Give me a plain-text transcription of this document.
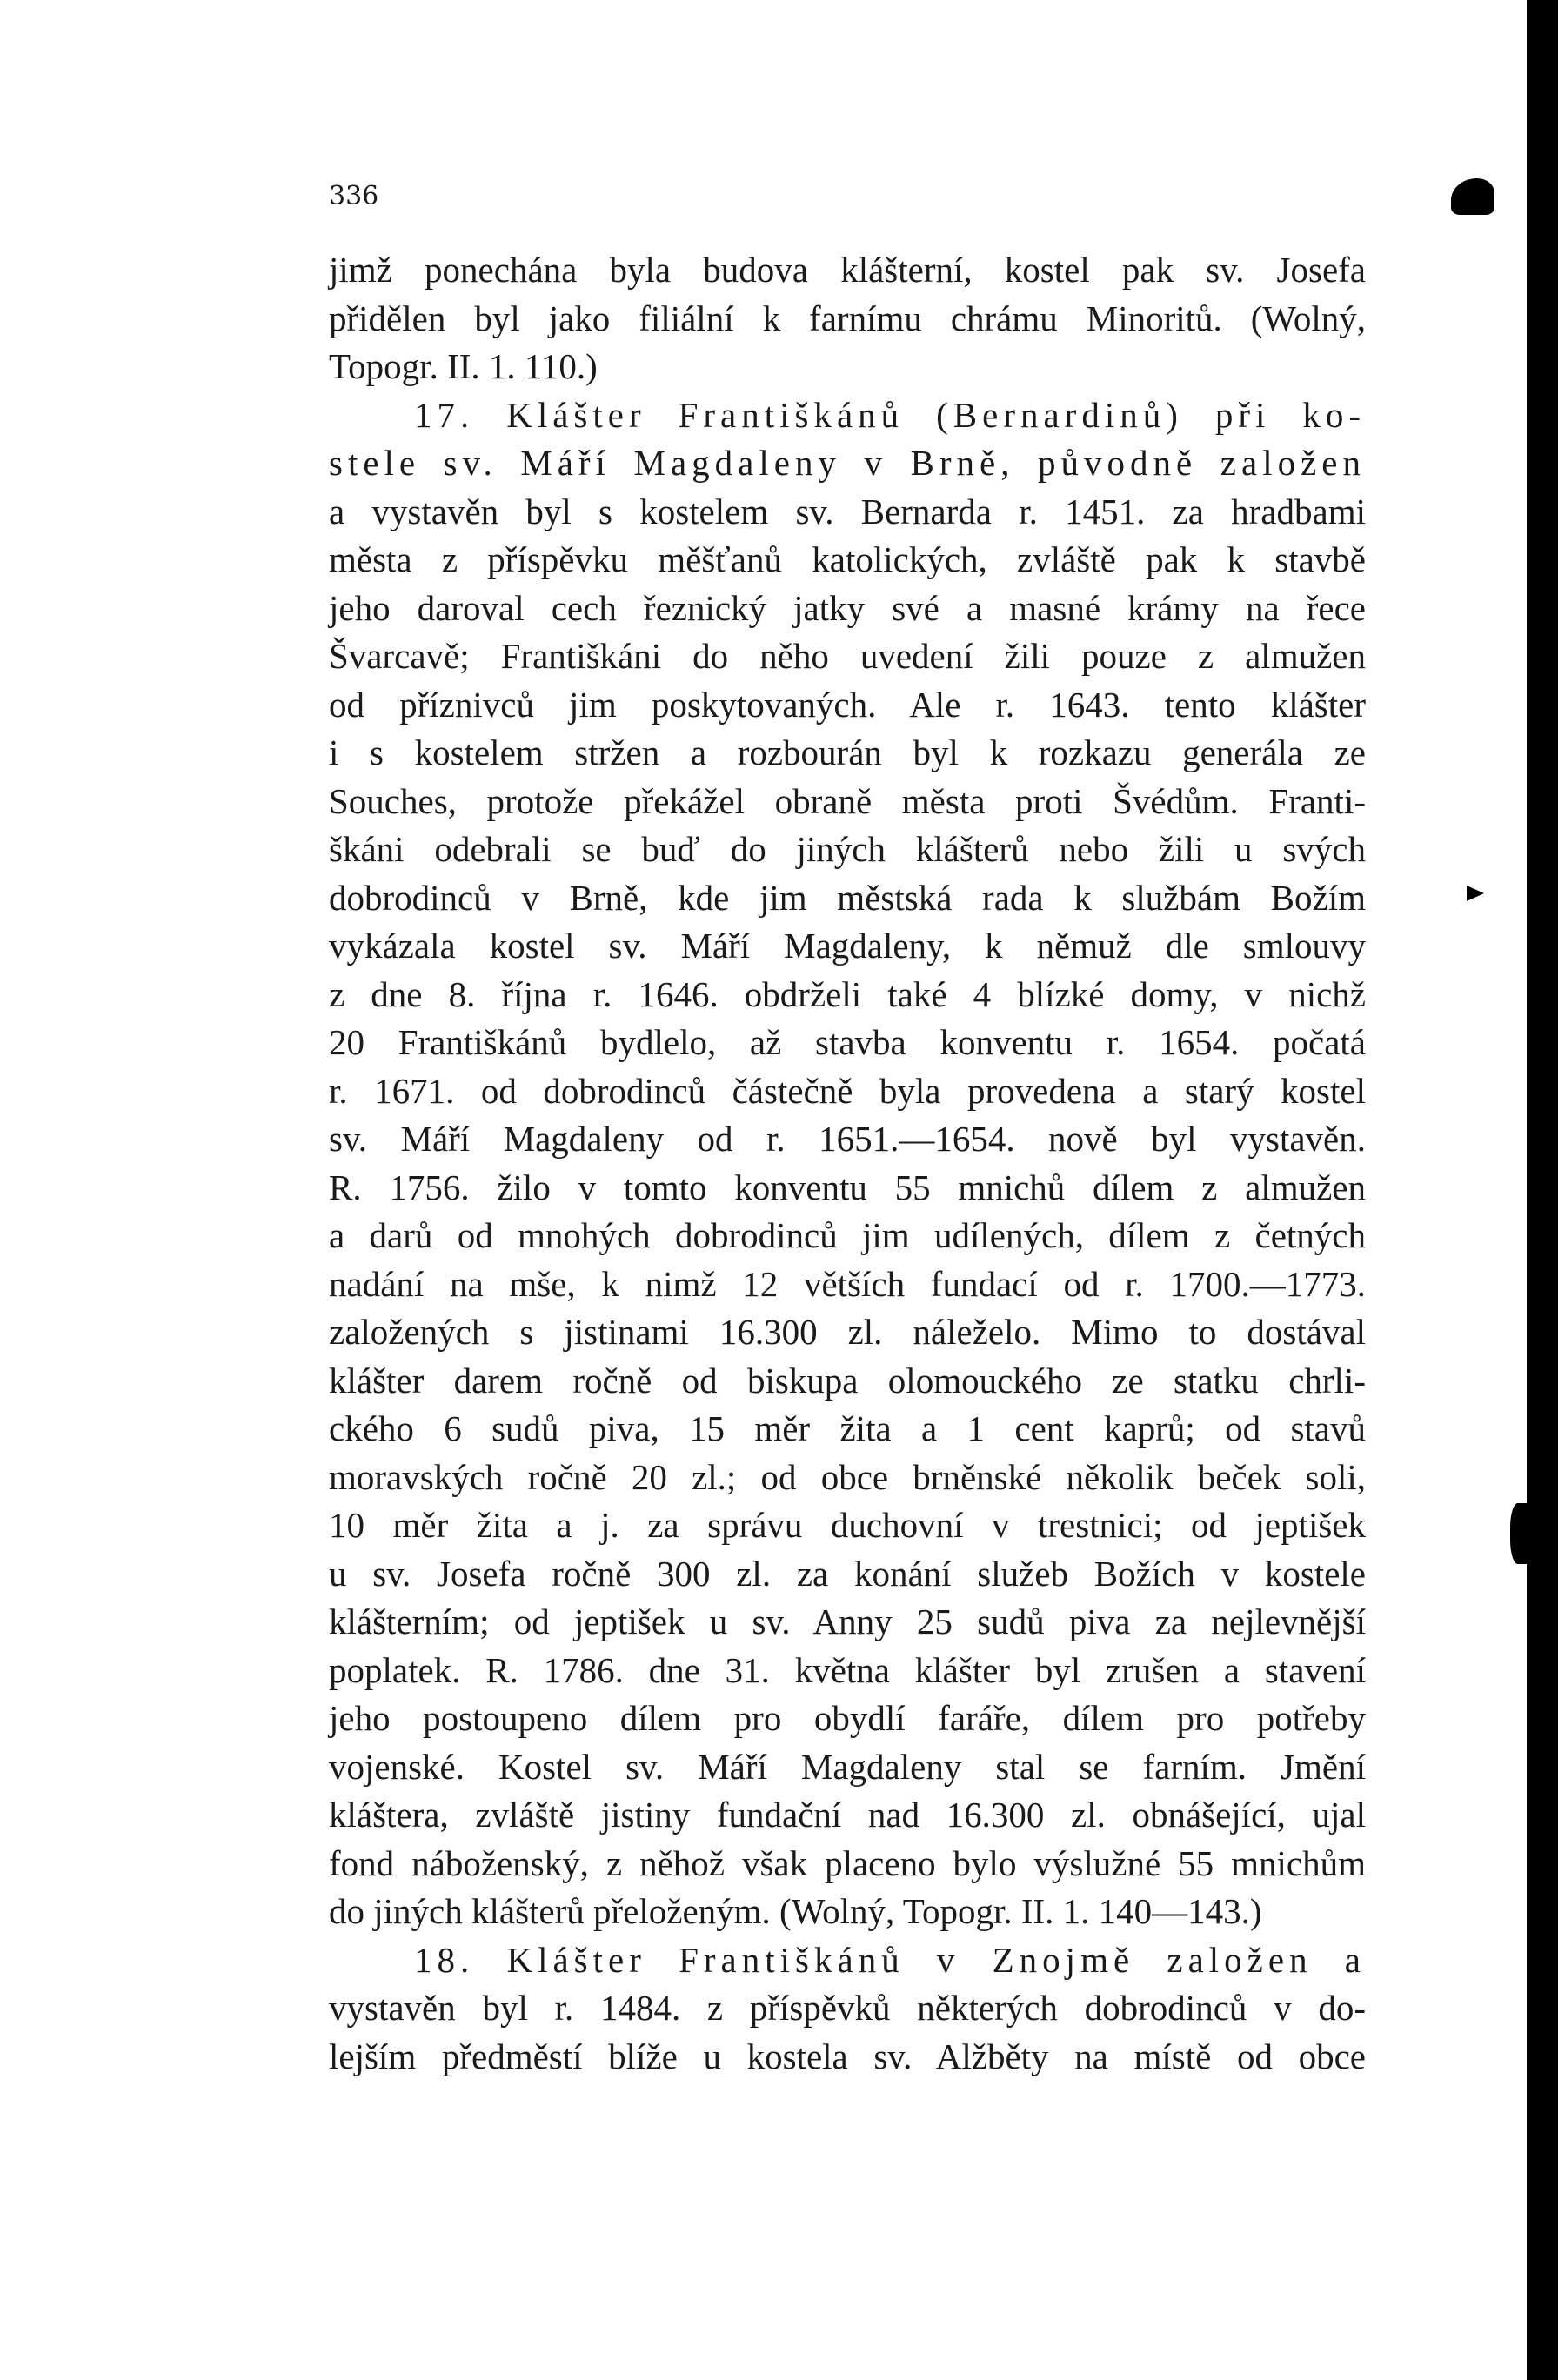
336
jimž ponechána byla budova klášterní, kostel pak sv. Josefa
přidělen byl jako filiální k farnímu chrámu Minoritů. (Wolný,
Topogr. II. 1. 110.)
17. Klášter Františkánů (Bernardinů) při ko-
stele sv. Máří Magdaleny v Brně, původně založen
a vystavěn byl s kostelem sv. Bernarda r. 1451. za hradbami
města z příspěvku měšťanů katolických, zvláště pak k stavbě
jeho daroval cech řeznický jatky své a masné krámy na řece
Švarcavě; Františkáni do něho uvedení žili pouze z almužen
od příznivců jim poskytovaných. Ale r. 1643. tento klášter
i s kostelem stržen a rozbourán byl k rozkazu generála ze
Souches, protože překážel obraně města proti Švédům. Franti-
škáni odebrali se buď do jiných klášterů nebo žili u svých
dobrodinců v Brně, kde jim městská rada k službám Božím
vykázala kostel sv. Máří Magdaleny, k němuž dle smlouvy
z dne 8. října r. 1646. obdrželi také 4 blízké domy, v nichž
20 Františkánů bydlelo, až stavba konventu r. 1654. počatá
r. 1671. od dobrodinců částečně byla provedena a starý kostel
sv. Máří Magdaleny od r. 1651.—1654. nově byl vystavěn.
R. 1756. žilo v tomto konventu 55 mnichů dílem z almužen
a darů od mnohých dobrodinců jim udílených, dílem z četných
nadání na mše, k nimž 12 větších fundací od r. 1700.—1773.
založených s jistinami 16.300 zl. náleželo. Mimo to dostával
klášter darem ročně od biskupa olomouckého ze statku chrli-
ckého 6 sudů piva, 15 měr žita a 1 cent kaprů; od stavů
moravských ročně 20 zl.; od obce brněnské několik beček soli,
10 měr žita a j. za správu duchovní v trestnici; od jeptišek
u sv. Josefa ročně 300 zl. za konání služeb Božích v kostele
klášterním; od jeptišek u sv. Anny 25 sudů piva za nejlevnější
poplatek. R. 1786. dne 31. května klášter byl zrušen a stavení
jeho postoupeno dílem pro obydlí faráře, dílem pro potřeby
vojenské. Kostel sv. Máří Magdaleny stal se farním. Jmění
kláštera, zvláště jistiny fundační nad 16.300 zl. obnášející, ujal
fond náboženský, z něhož však placeno bylo výslužné 55 mnichům
do jiných klášterů přeloženým. (Wolný, Topogr. II. 1. 140—143.)
18. Klášter Františkánů v Znojmě založen a
vystavěn byl r. 1484. z příspěvků některých dobrodinců v do-
lejším předměstí blíže u kostela sv. Alžběty na místě od obce
